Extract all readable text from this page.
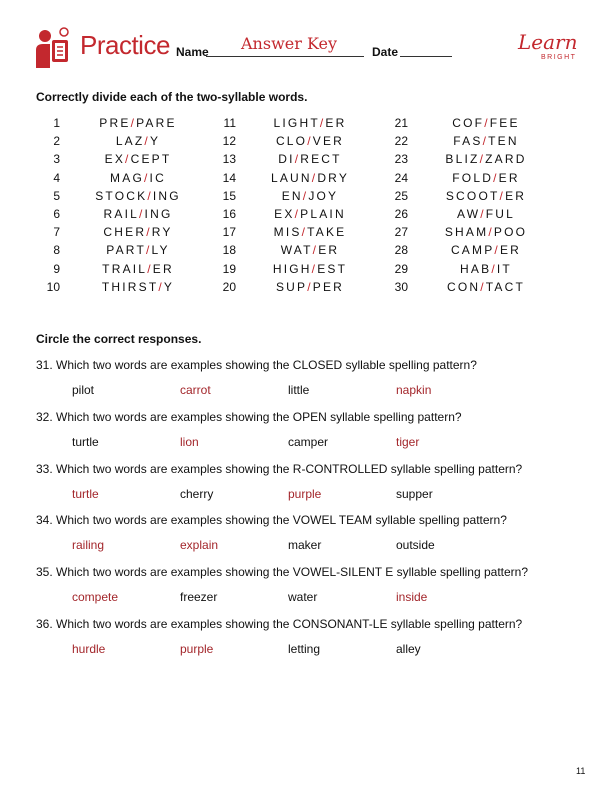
Practice Name Answer Key	Date	Learn
BRIGHT
Correctly divide each of the two-syllable words.
1	PRE/PARE
2	LAZ/Y
3	EX/CEPT
4	MAG/IC
5	STOCK/ING
6	RAIL/ING
7	CHER/RY
8	PART/LY
9	TRAIL/ER
10	THIRST/Y
11	LIGHT/ER
12	CLO/VER
13	DI/RECT
14	LAUN/DRY
15	EN/JOY
16	EX/PLAIN
17	MIS/TAKE
18	WAT/ER
19	HIGH/EST
20	SUP/PER
21	COF/FEE
22	FAS/TEN
23	BLIZ/ZARD
24	FOLD/ER
25	SCOOT/ER
26	AW/FUL
27	SHAM/POO
28	CAMP/ER
29	HAB/IT
30	CON/TACT
Circle the correct responses.
31. Which two words are examples showing the CLOSED syllable spelling pattern?
pilot	carrot	little	napkin
32. Which two words are examples showing the OPEN syllable spelling pattern?
turtle	lion	camper	tiger
33. Which two words are examples showing the R-CONTROLLED syllable spelling pattern?
turtle	cherry	purple	supper
34. Which two words are examples showing the VOWEL TEAM syllable spelling pattern?
railing	explain	maker	outside
35. Which two words are examples showing the VOWEL-SILENT E syllable spelling pattern?
compete	freezer	water	inside
36. Which two words are examples showing the CONSONANT-LE syllable spelling pattern?
hurdle	purple	letting	alley
11
